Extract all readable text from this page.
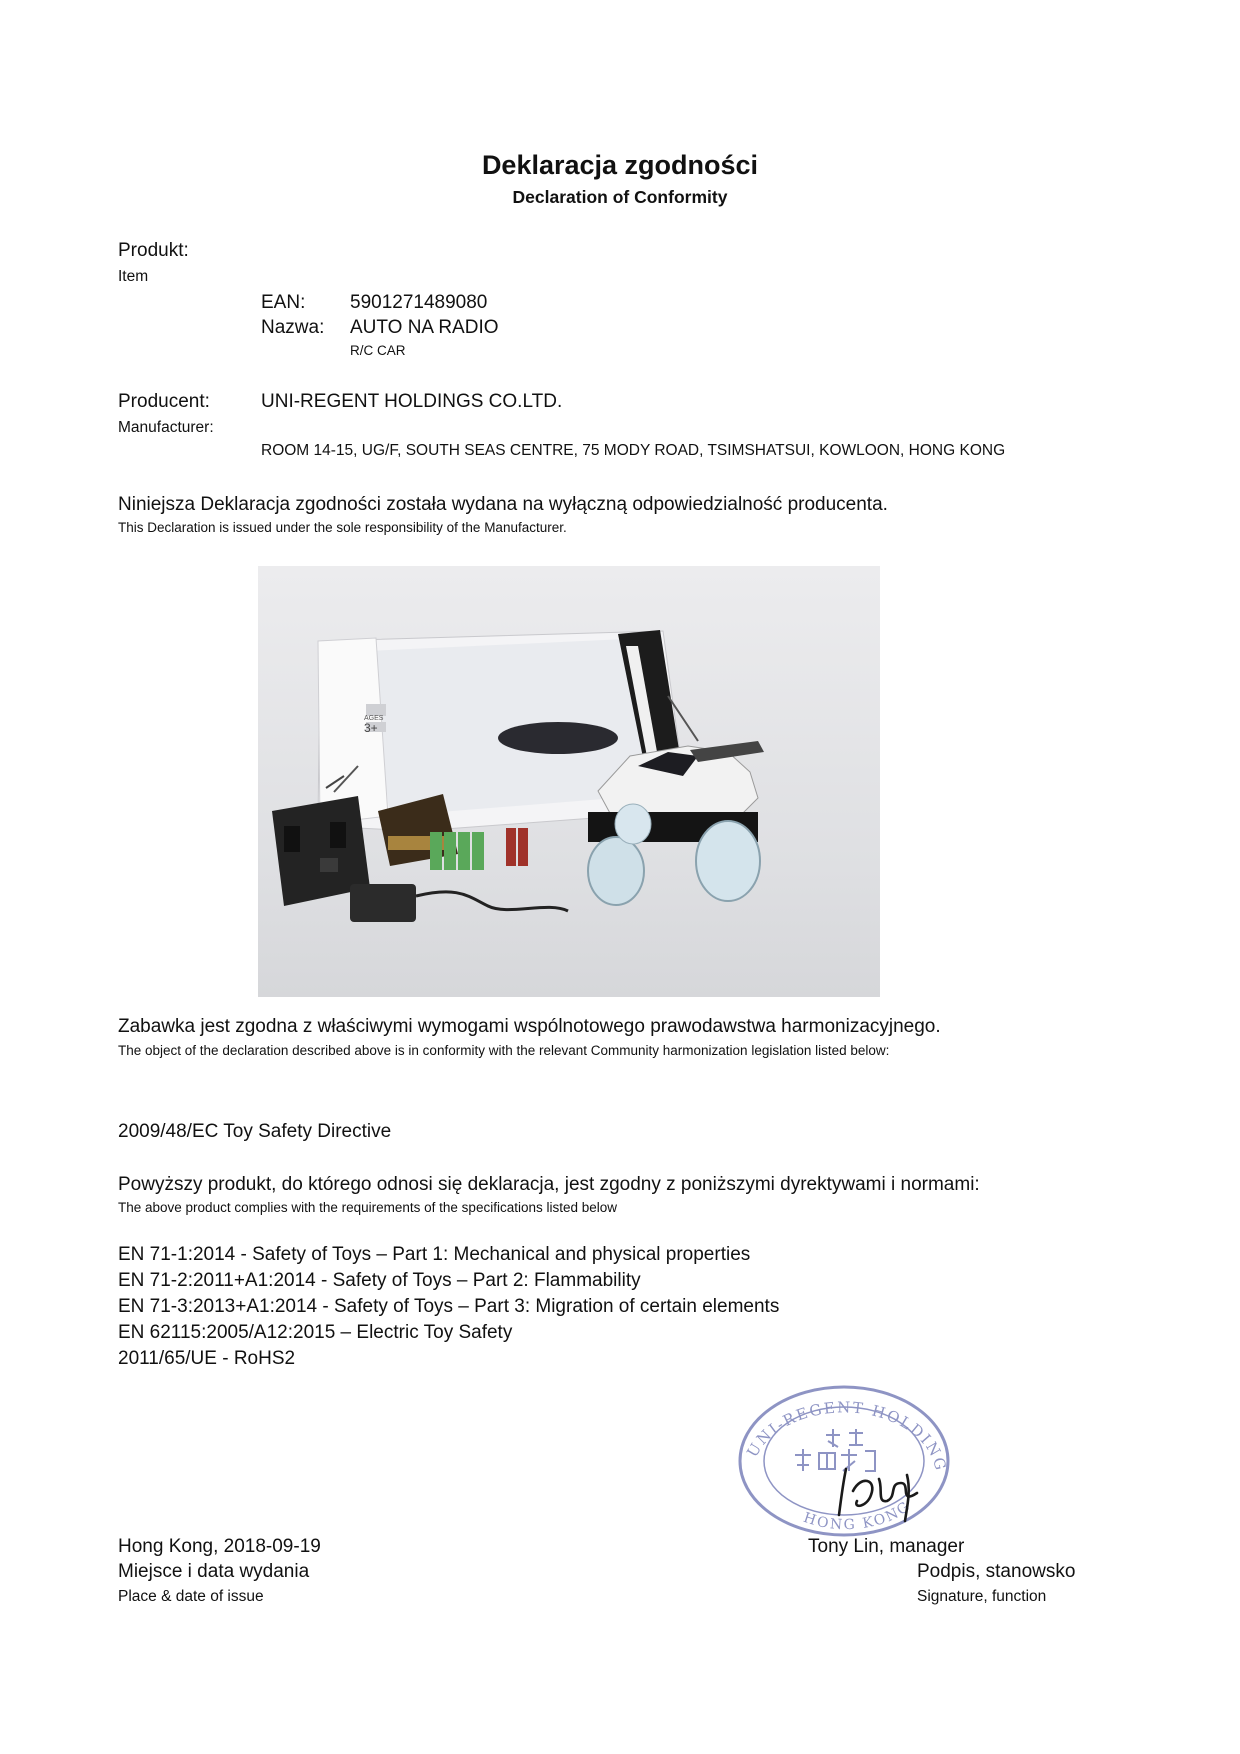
Deklaracja zgodności
Declaration of Conformity
Produkt:
Item
EAN: 5901271489080
Nazwa: AUTO NA RADIO
R/C CAR
Producent:	UNI-REGENT HOLDINGS CO.LTD.
Manufacturer:
ROOM 14-15, UG/F, SOUTH SEAS CENTRE, 75 MODY ROAD, TSIMSHATSUI, KOWLOON, HONG KONG
Niniejsza Deklaracja zgodności została wydana na wyłączną odpowiedzialność producenta.
This Declaration is issued under the sole responsibility of the Manufacturer.
AGES
3+
Zabawka jest zgodna z właściwymi wymogami wspólnotowego prawodawstwa harmonizacyjnego.
The object of the declaration described above is in conformity with the relevant Community harmonization legislation listed below:
2009/48/EC Toy Safety Directive
Powyższy produkt, do którego odnosi się deklaracja, jest zgodny z poniższymi dyrektywami i normami:
The above product complies with the requirements of the specifications listed below
EN 71-1:2014 - Safety of Toys – Part 1: Mechanical and physical properties
EN 71-2:2011+A1:2014 - Safety of Toys – Part 2: Flammability
EN 71-3:2013+A1:2014 - Safety of Toys – Part 3: Migration of certain elements
EN 62115:2005/A12:2015 – Electric Toy Safety
2011/65/UE - RoHS2
UNI-REGENT HOLDING
HONG KONG
Hong Kong, 2018-09-19
Miejsce i data wydania
Place & date of issue
Tony Lin, manager
Podpis, stanowsko
Signature, function
